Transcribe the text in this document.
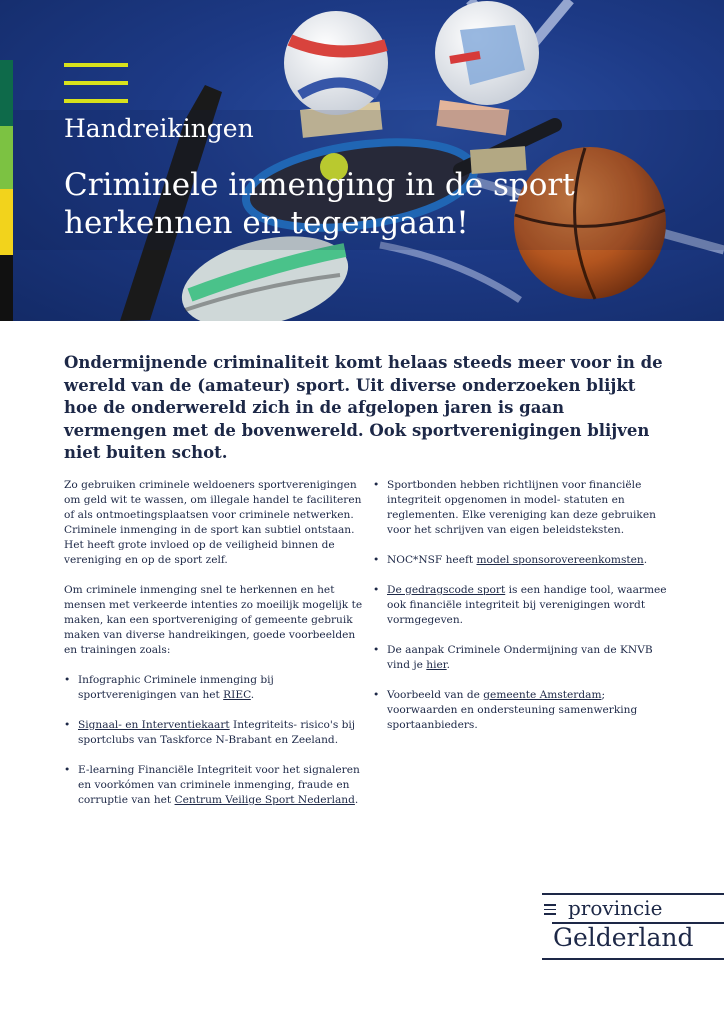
Handreikingen
Criminele inmenging in de sport herkennen en tegengaan!

Ondermijnende criminaliteit komt helaas steeds meer voor in de wereld van de (amateur) sport. Uit diverse onderzoeken blijkt hoe de onderwereld zich in de afgelopen jaren is gaan vermengen met de bovenwereld. Ook sportverenigingen blijven niet buiten schot.

Zo gebruiken criminele weldoeners sportverenigingen om geld wit te wassen, om illegale handel te faciliteren of als ontmoetingsplaatsen voor criminele netwerken. Criminele inmenging in de sport kan subtiel ontstaan. Het heeft grote invloed op de veiligheid binnen de vereniging en op de sport zelf.

Om criminele inmenging snel te herkennen en het mensen met verkeerde intenties zo moeilijk mogelijk te maken, kan een sportvereniging of gemeente gebruik maken van diverse handreikingen, goede voorbeelden en trainingen zoals:

• Infographic Criminele inmenging bij sportverenigingen van het RIEC.
• Signaal- en Interventiekaart Integriteits- risico's bij sportclubs van Taskforce N-Brabant en Zeeland.
• E-learning Financiële Integriteit voor het signaleren en voorkómen van criminele inmenging, fraude en corruptie van het Centrum Veilige Sport Nederland.
• Sportbonden hebben richtlijnen voor financiële integriteit opgenomen in model- statuten en reglementen. Elke vereniging kan deze gebruiken voor het schrijven van eigen beleidsteksten.
• NOC*NSF heeft model sponsorovereenkomsten.
• De gedragscode sport is een handige tool, waarmee ook financiële integriteit bij verenigingen wordt vormgegeven.
• De aanpak Criminele Ondermijning van de KNVB vind je hier.
• Voorbeeld van de gemeente Amsterdam; voorwaarden en ondersteuning samenwerking sportaanbieders.
provincie
Gelderland
